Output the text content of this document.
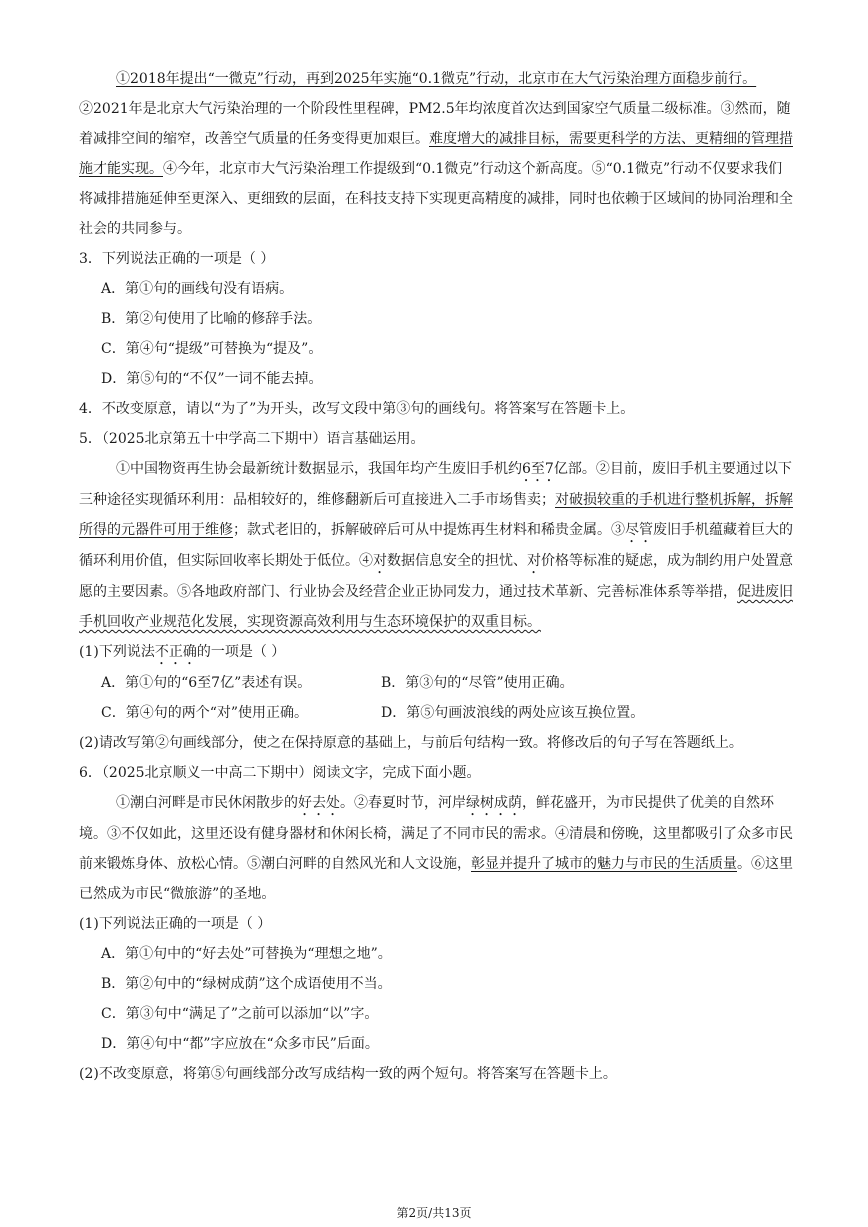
①2018年提出“一微克”行动，再到2025年实施“0.1微克”行动，北京市在大气污染治理方面稳步前行。②2021年是北京大气污染治理的一个阶段性里程碑，PM2.5年均浓度首次达到国家空气质量二级标准。③然而，随着减排空间的缩窄，改善空气质量的任务变得更加艰巨。难度增大的减排目标，需要更科学的方法、更精细的管理措施才能实现。④今年，北京市大气污染治理工作提级到“0.1微克”行动这个新高度。⑤“0.1微克”行动不仅要求我们将减排措施延伸至更深入、更细致的层面，在科技支持下实现更高精度的减排，同时也依赖于区域间的协同治理和全社会的共同参与。

3．下列说法正确的一项是（ ）

A．第①句的画线句没有语病。

B．第②句使用了比喻的修辞手法。

C．第④句“提级”可替换为“提及”。

D．第⑤句的“不仅”一词不能去掉。

4．不改变原意，请以“为了”为开头，改写文段中第③句的画线句。将答案写在答题卡上。

5．（2025北京第五十中学高二下期中）语言基础运用。

①中国物资再生协会最新统计数据显示，我国年均产生废旧手机约6至7亿部。②目前，废旧手机主要通过以下三种途径实现循环利用：品相较好的，维修翻新后可直接进入二手市场售卖；对破损较重的手机进行整机拆解，拆解所得的元器件可用于维修；款式老旧的，拆解破碎后可从中提炼再生材料和稀贵金属。③尽管废旧手机蕴藏着巨大的循环利用价值，但实际回收率长期处于低位。④对数据信息安全的担忧、对价格等标准的疑虑，成为制约用户处置意愿的主要因素。⑤各地政府部门、行业协会及经营企业正协同发力，通过技术革新、完善标准体系等举措，促进废旧手机回收产业规范化发展，实现资源高效利用与生态环境保护的双重目标。

(1)下列说法不正确的一项是（ ）

A．第①句的“6至7亿”表述有误。	B．第③句的“尽管”使用正确。

C．第④句的两个“对”使用正确。	D．第⑤句画波浪线的两处应该互换位置。

(2)请改写第②句画线部分，使之在保持原意的基础上，与前后句结构一致。将修改后的句子写在答题纸上。

6．（2025北京顺义一中高二下期中）阅读文字，完成下面小题。

①潮白河畔是市民休闲散步的好去处。②春夏时节，河岸绿树成荫，鲜花盛开，为市民提供了优美的自然环境。③不仅如此，这里还设有健身器材和休闲长椅，满足了不同市民的需求。④清晨和傍晚，这里都吸引了众多市民前来锻炼身体、放松心情。⑤潮白河畔的自然风光和人文设施，彰显并提升了城市的魅力与市民的生活质量。⑥这里已然成为市民“微旅游”的圣地。

(1)下列说法正确的一项是（ ）

A．第①句中的“好去处”可替换为“理想之地”。

B．第②句中的“绿树成荫”这个成语使用不当。

C．第③句中“满足了”之前可以添加“以”字。

D．第④句中“都”字应放在“众多市民”后面。

(2)不改变原意，将第⑤句画线部分改写成结构一致的两个短句。将答案写在答题卡上。

第2页/共13页
